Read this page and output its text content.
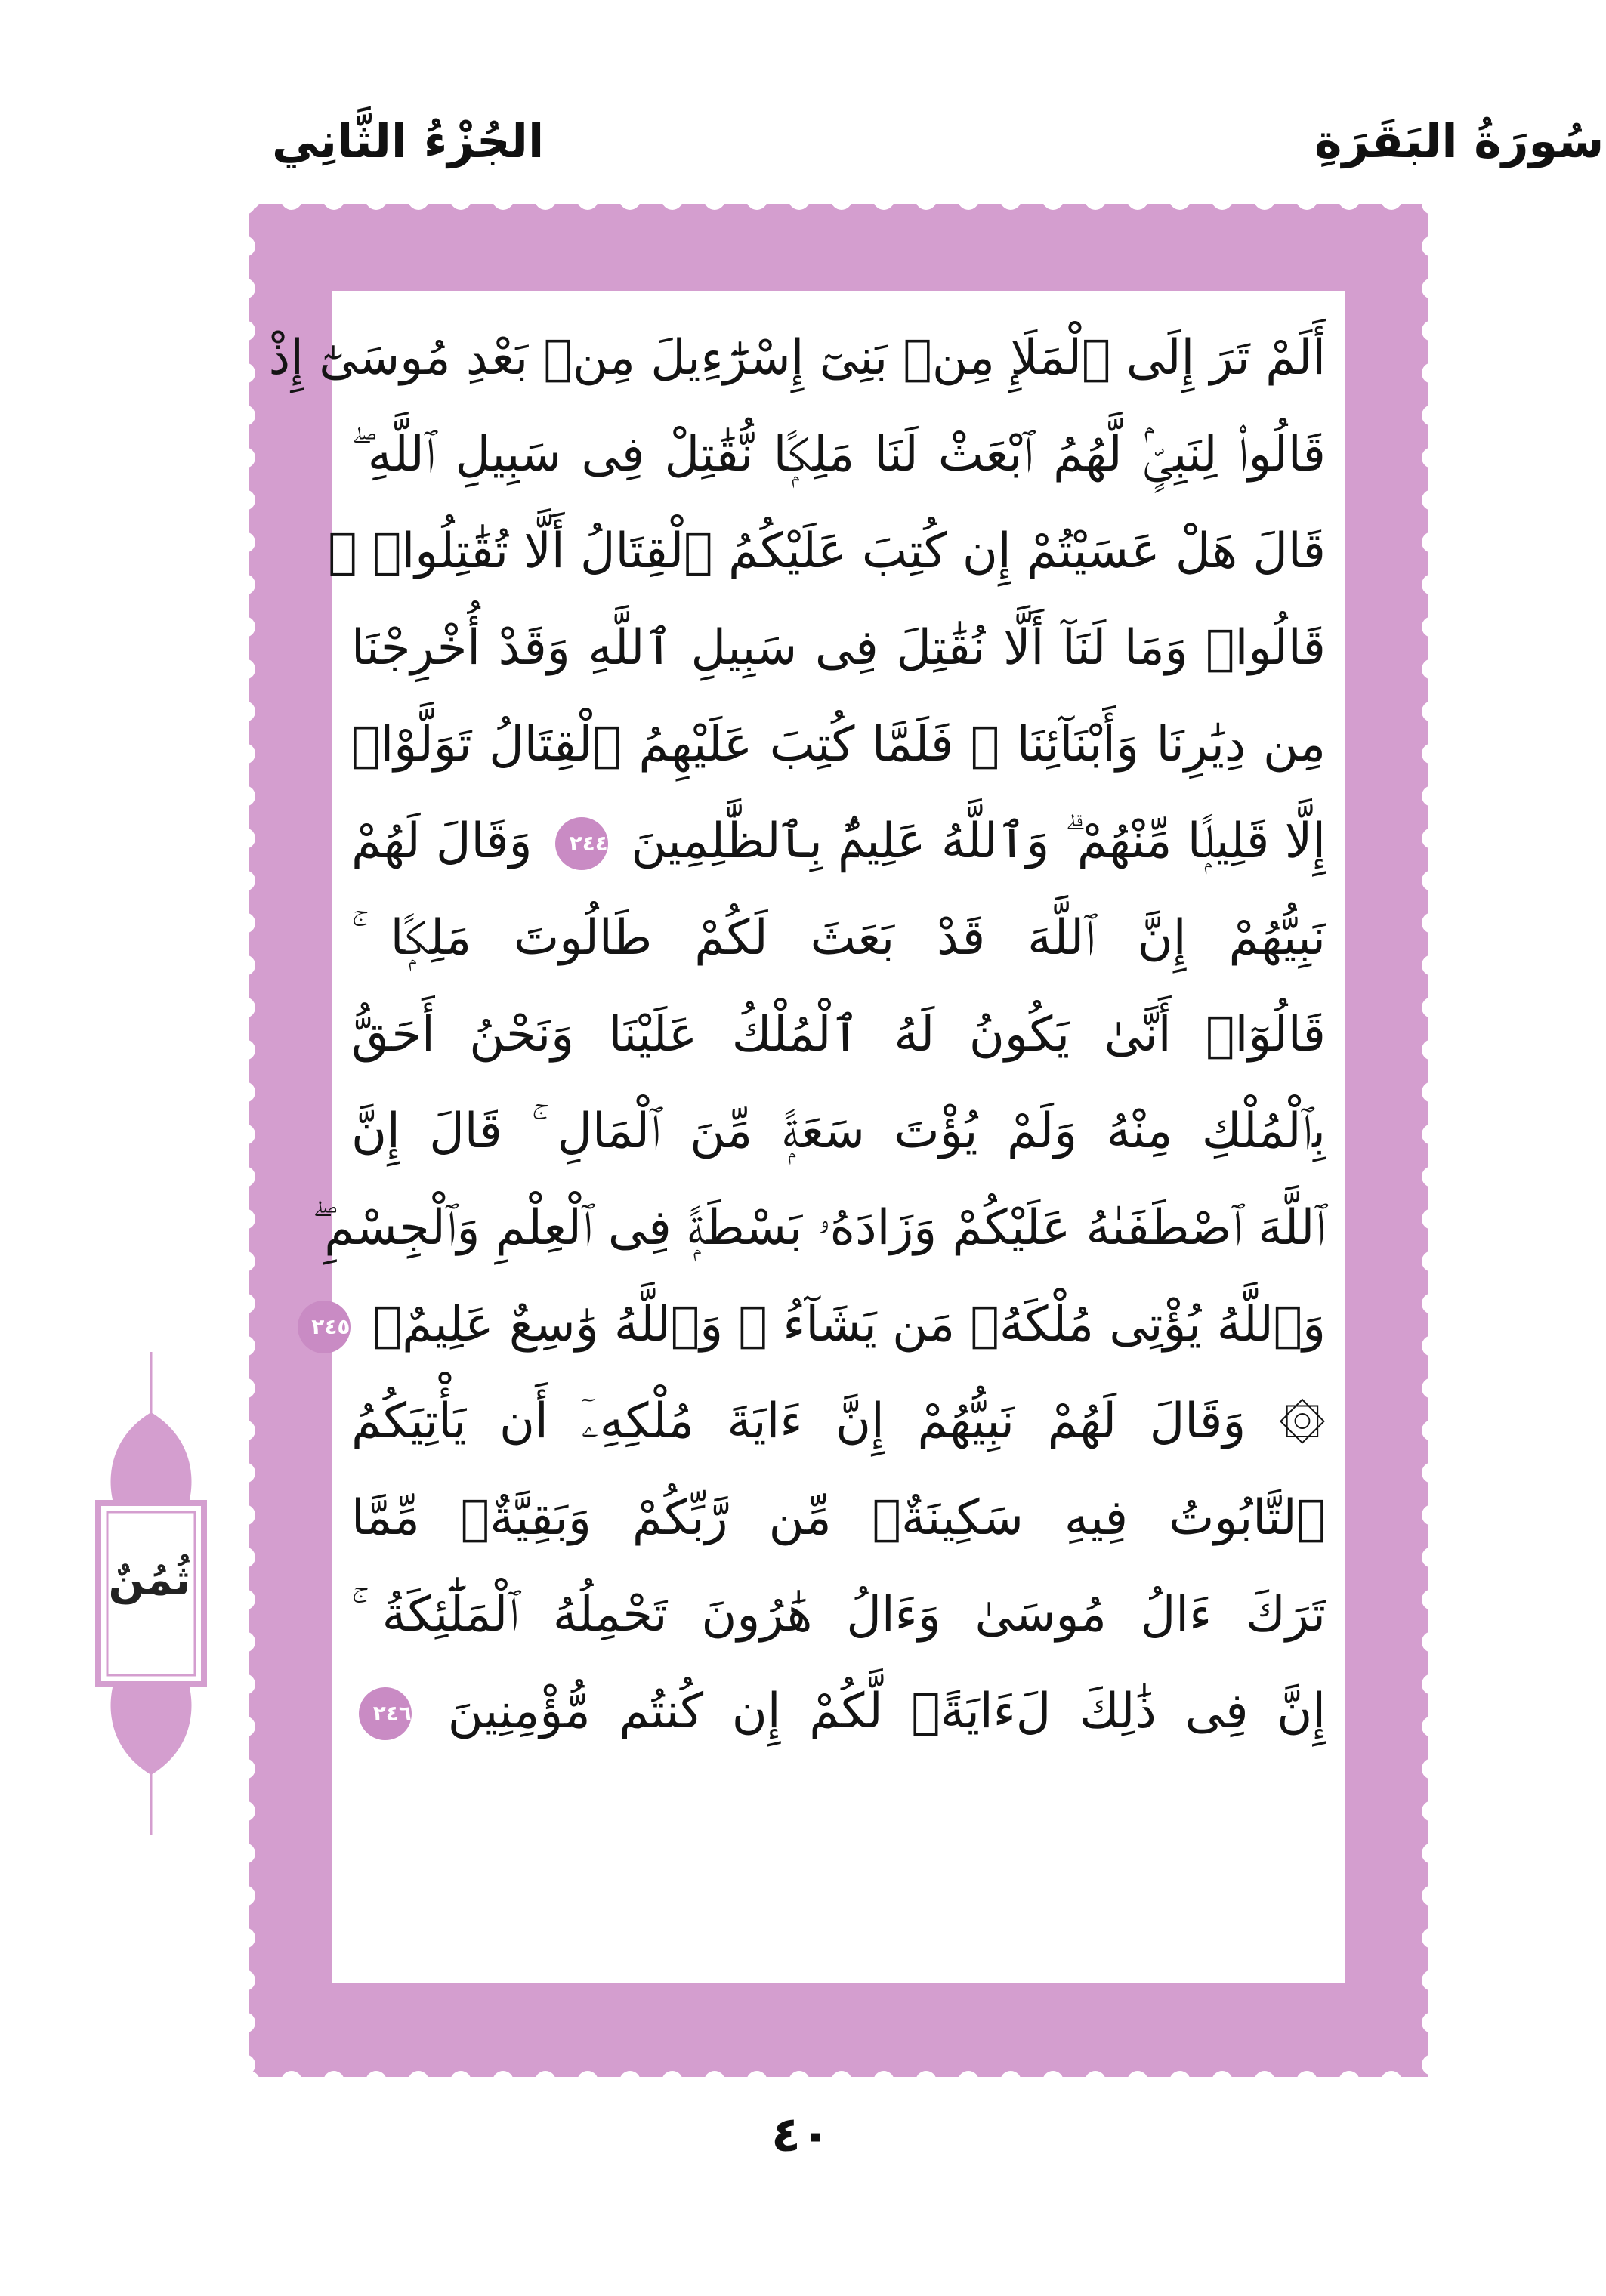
سُورَةُ البَقَرَةِ
الجُزْءُ الثَّانِي
أَلَمْ تَرَ إِلَى ٱلْمَلَإِ مِنۢ بَنِىٓ إِسْرَٰٓءِيلَ مِنۢ بَعْدِ مُوسَىٰٓ إِذْ
قَالُوا۟ لِنَبِىٍّۢ لَّهُمُ ٱبْعَثْ لَنَا مَلِكًۭا نُّقَٰتِلْ فِى سَبِيلِ ٱللَّهِ ۖ
قَالَ هَلْ عَسَيْتُمْ إِن كُتِبَ عَلَيْكُمُ ٱلْقِتَالُ أَلَّا تُقَٰتِلُوا۟ ۖ
قَالُوا۟ وَمَا لَنَآ أَلَّا نُقَٰتِلَ فِى سَبِيلِ ٱللَّهِ وَقَدْ أُخْرِجْنَا
مِن دِيَٰرِنَا وَأَبْنَآئِنَا ۖ فَلَمَّا كُتِبَ عَلَيْهِمُ ٱلْقِتَالُ تَوَلَّوْا۟
إِلَّا قَلِيلًۭا مِّنْهُمْ ۗ وَٱللَّهُ عَلِيمٌۢ بِٱلظَّٰلِمِينَ ٢٤٤ وَقَالَ لَهُمْ
نَبِيُّهُمْ إِنَّ ٱللَّهَ قَدْ بَعَثَ لَكُمْ طَالُوتَ مَلِكًۭا ۚ
قَالُوٓا۟ أَنَّىٰ يَكُونُ لَهُ ٱلْمُلْكُ عَلَيْنَا وَنَحْنُ أَحَقُّ
بِٱلْمُلْكِ مِنْهُ وَلَمْ يُؤْتَ سَعَةًۭ مِّنَ ٱلْمَالِ ۚ قَالَ إِنَّ
ٱللَّهَ ٱصْطَفَىٰهُ عَلَيْكُمْ وَزَادَهُۥ بَسْطَةًۭ فِى ٱلْعِلْمِ وَٱلْجِسْمِ ۖ
وَٱللَّهُ يُؤْتِى مُلْكَهُۥ مَن يَشَآءُ ۚ وَٱللَّهُ وَٰسِعٌ عَلِيمٌۭ ٢٤٥
۞ وَقَالَ لَهُمْ نَبِيُّهُمْ إِنَّ ءَايَةَ مُلْكِهِۦٓ أَن يَأْتِيَكُمُ
ٱلتَّابُوتُ فِيهِ سَكِينَةٌۭ مِّن رَّبِّكُمْ وَبَقِيَّةٌۭ مِّمَّا
تَرَكَ ءَالُ مُوسَىٰ وَءَالُ هَٰرُونَ تَحْمِلُهُ ٱلْمَلَٰٓئِكَةُ ۚ
إِنَّ فِى ذَٰلِكَ لَءَايَةًۭ لَّكُمْ إِن كُنتُم مُّؤْمِنِينَ ٢٤٦
ثُمُنٌ
٤٠
